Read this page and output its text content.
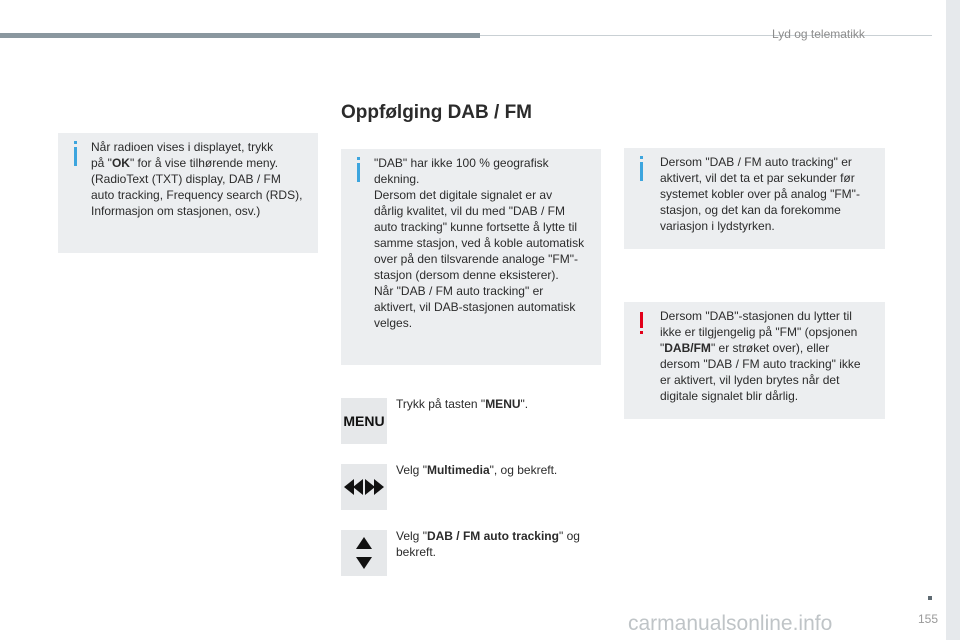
Lyd og telematikk
Oppfølging DAB / FM

Når radioen vises i displayet, trykk

på "OK" for å vise tilhørende meny.

(RadioText (TXT) display, DAB / FM

auto tracking, Frequency search (RDS),

Informasjon om stasjonen, osv.)

"DAB" har ikke 100 % geografisk

dekning.

Dersom det digitale signalet er av

dårlig kvalitet, vil du med "DAB / FM

auto tracking" kunne fortsette å lytte til

samme stasjon, ved å koble automatisk

over på den tilsvarende analoge "FM"-

stasjon (dersom denne eksisterer).

Når "DAB / FM auto tracking" er

aktivert, vil DAB-stasjonen automatisk

velges.

Dersom "DAB / FM auto tracking" er

aktivert, vil det ta et par sekunder før

systemet kobler over på analog "FM"-

stasjon, og det kan da forekomme

variasjon i lydstyrken.

Dersom "DAB"-stasjonen du lytter til

ikke er tilgjengelig på "FM" (opsjonen

"DAB/FM" er strøket over), eller

dersom "DAB / FM auto tracking" ikke

er aktivert, vil lyden brytes når det

digitale signalet blir dårlig.

MENU

Trykk på tasten "MENU".

Velg "Multimedia", og bekreft.

Velg "DAB / FM auto tracking" og
bekreft.

155
carmanualsonline.info
